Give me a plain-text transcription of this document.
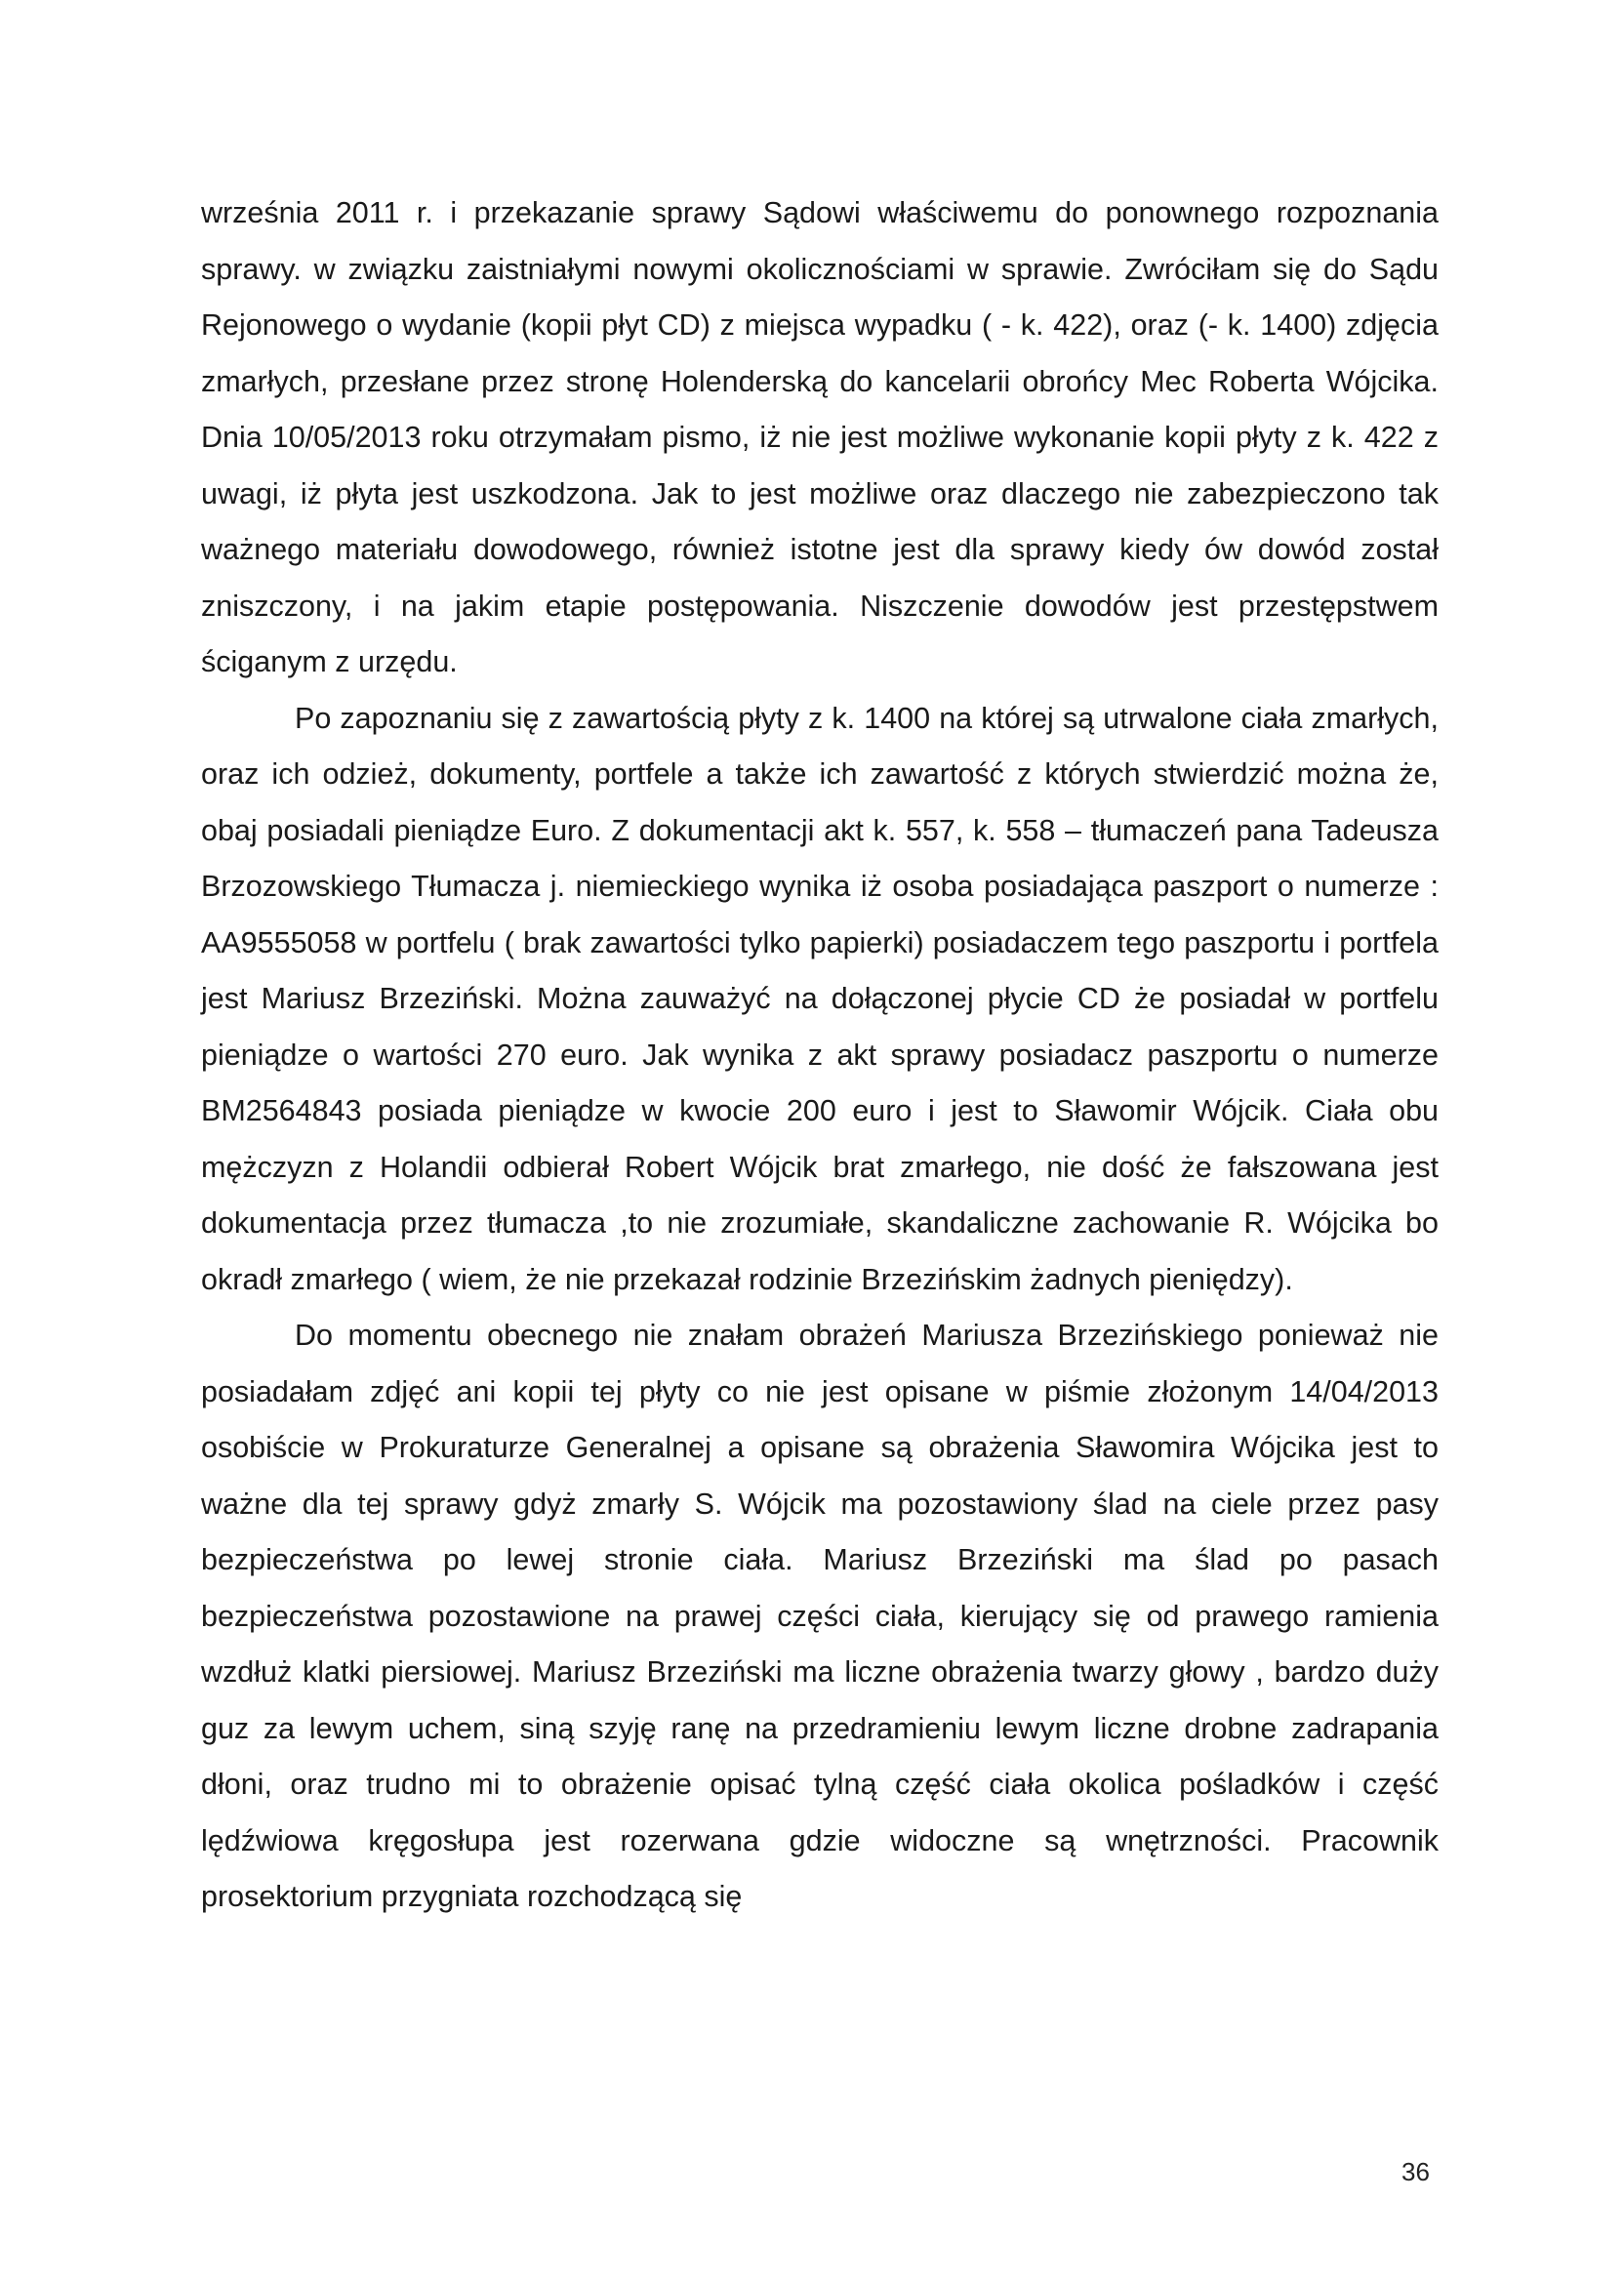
września 2011 r. i przekazanie sprawy Sądowi właściwemu do ponownego rozpoznania sprawy. w związku zaistniałymi nowymi okolicznościami w sprawie. Zwróciłam się do Sądu Rejonowego o wydanie (kopii płyt CD) z miejsca wypadku ( - k. 422), oraz (- k. 1400) zdjęcia zmarłych, przesłane przez stronę Holenderską do kancelarii obrońcy Mec Roberta Wójcika. Dnia 10/05/2013 roku otrzymałam pismo, iż nie jest możliwe wykonanie kopii płyty z k. 422 z uwagi, iż płyta jest uszkodzona. Jak to jest możliwe oraz dlaczego nie zabezpieczono tak ważnego materiału dowodowego, również istotne jest dla sprawy kiedy ów dowód został zniszczony, i na jakim etapie postępowania. Niszczenie dowodów jest przestępstwem ściganym z urzędu.

Po zapoznaniu się z zawartością płyty z k. 1400 na której są utrwalone ciała zmarłych, oraz ich odzież, dokumenty, portfele a także ich zawartość z których stwierdzić można że, obaj posiadali pieniądze Euro. Z dokumentacji akt k. 557, k. 558 – tłumaczeń pana Tadeusza Brzozowskiego Tłumacza j. niemieckiego wynika iż osoba posiadająca paszport o numerze : AA9555058 w portfelu ( brak zawartości tylko papierki) posiadaczem tego paszportu i portfela jest Mariusz Brzeziński. Można zauważyć na dołączonej płycie CD że posiadał w portfelu pieniądze o wartości 270 euro. Jak wynika z akt sprawy posiadacz paszportu o numerze BM2564843 posiada pieniądze w kwocie 200 euro i jest to Sławomir Wójcik. Ciała obu mężczyzn z Holandii odbierał Robert Wójcik brat zmarłego, nie dość że fałszowana jest dokumentacja przez tłumacza ,to nie zrozumiałe, skandaliczne zachowanie R. Wójcika bo okradł zmarłego ( wiem, że nie przekazał rodzinie Brzezińskim żadnych pieniędzy).

Do momentu obecnego nie znałam obrażeń Mariusza Brzezińskiego ponieważ nie posiadałam zdjęć ani kopii tej płyty co nie jest opisane w piśmie złożonym 14/04/2013 osobiście w Prokuraturze Generalnej a opisane są obrażenia Sławomira Wójcika jest to ważne dla tej sprawy gdyż zmarły S. Wójcik ma pozostawiony ślad na ciele przez pasy bezpieczeństwa po lewej stronie ciała. Mariusz Brzeziński ma ślad po pasach bezpieczeństwa pozostawione na prawej części ciała, kierujący się od prawego ramienia wzdłuż klatki piersiowej. Mariusz Brzeziński ma liczne obrażenia twarzy głowy , bardzo duży guz za lewym uchem, siną szyję ranę na przedramieniu lewym liczne drobne zadrapania dłoni, oraz trudno mi to obrażenie opisać tylną część ciała okolica pośladków i część lędźwiowa kręgosłupa jest rozerwana gdzie widoczne są wnętrzności. Pracownik prosektorium przygniata rozchodzącą się

36
